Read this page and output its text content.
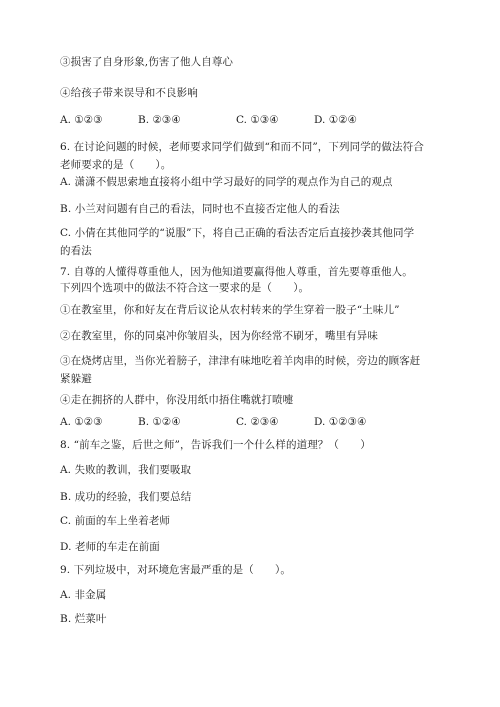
③损害了自身形象,伤害了他人自尊心
④给孩子带来误导和不良影响
A. ①②③	B. ②③④	C. ①③④	D. ①②④
6. 在讨论问题的时候，老师要求同学们做到“和而不同”，下列同学的做法符合
老师要求的是（　　）。
A. 潇潇不假思索地直接将小组中学习最好的同学的观点作为自己的观点
B. 小兰对问题有自己的看法，同时也不直接否定他人的看法
C. 小倩在其他同学的“说服”下，将自己正确的看法否定后直接抄袭其他同学
的看法
7. 自尊的人懂得尊重他人，因为他知道要赢得他人尊重，首先要尊重他人。
下列四个选项中的做法不符合这一要求的是（　　）。
①在教室里，你和好友在背后议论从农村转来的学生穿着一股子“土味儿”
②在教室里，你的同桌冲你皱眉头，因为你经常不刷牙，嘴里有异味
③在烧烤店里，当你光着膀子，津津有味地吃着羊肉串的时候，旁边的顾客赶
紧躲避
④走在拥挤的人群中，你没用纸巾捂住嘴就打喷嚏
A. ①②③	B. ①②④	C. ②③④	D. ①②③④
8. “前车之鉴，后世之师”，告诉我们一个什么样的道理？（　　）
A. 失败的教训，我们要吸取
B. 成功的经验，我们要总结
C. 前面的车上坐着老师
D. 老师的车走在前面
9. 下列垃圾中，对环境危害最严重的是（　　）。
A. 非金属
B. 烂菜叶
